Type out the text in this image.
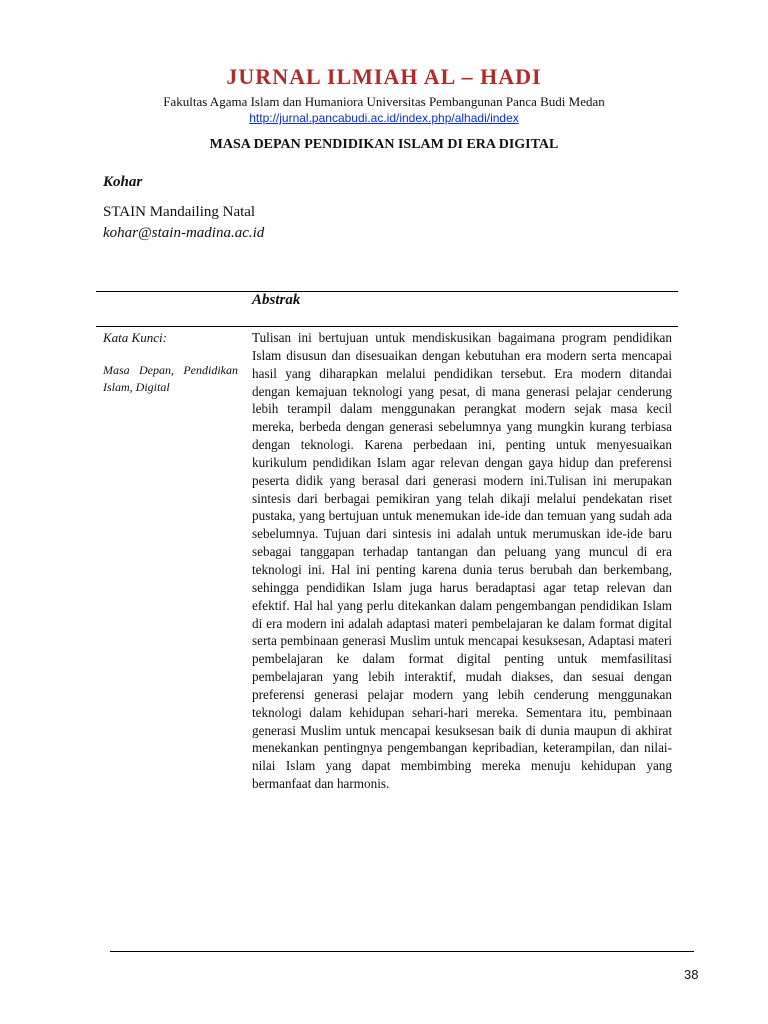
JURNAL ILMIAH AL – HADI
Fakultas Agama Islam dan Humaniora Universitas Pembangunan Panca Budi Medan
http://jurnal.pancabudi.ac.id/index.php/alhadi/index
MASA DEPAN PENDIDIKAN ISLAM DI ERA DIGITAL
Kohar
STAIN Mandailing Natal
kohar@stain-madina.ac.id
Abstrak
Kata Kunci:
Masa Depan, Pendidikan Islam, Digital
Tulisan ini bertujuan untuk mendiskusikan bagaimana program pendidikan Islam disusun dan disesuaikan dengan kebutuhan era modern serta mencapai hasil yang diharapkan melalui pendidikan tersebut. Era modern ditandai dengan kemajuan teknologi yang pesat, di mana generasi pelajar cenderung lebih terampil dalam menggunakan perangkat modern sejak masa kecil mereka, berbeda dengan generasi sebelumnya yang mungkin kurang terbiasa dengan teknologi. Karena perbedaan ini, penting untuk menyesuaikan kurikulum pendidikan Islam agar relevan dengan gaya hidup dan preferensi peserta didik yang berasal dari generasi modern ini.Tulisan ini merupakan sintesis dari berbagai pemikiran yang telah dikaji melalui pendekatan riset pustaka, yang bertujuan untuk menemukan ide-ide dan temuan yang sudah ada sebelumnya. Tujuan dari sintesis ini adalah untuk merumuskan ide-ide baru sebagai tanggapan terhadap tantangan dan peluang yang muncul di era teknologi ini. Hal ini penting karena dunia terus berubah dan berkembang, sehingga pendidikan Islam juga harus beradaptasi agar tetap relevan dan efektif. Hal hal yang perlu ditekankan dalam pengembangan pendidikan Islam di era modern ini adalah adaptasi materi pembelajaran ke dalam format digital serta pembinaan generasi Muslim untuk mencapai kesuksesan, Adaptasi materi pembelajaran ke dalam format digital penting untuk memfasilitasi pembelajaran yang lebih interaktif, mudah diakses, dan sesuai dengan preferensi generasi pelajar modern yang lebih cenderung menggunakan teknologi dalam kehidupan sehari-hari mereka. Sementara itu, pembinaan generasi Muslim untuk mencapai kesuksesan baik di dunia maupun di akhirat menekankan pentingnya pengembangan kepribadian, keterampilan, dan nilai-nilai Islam yang dapat membimbing mereka menuju kehidupan yang bermanfaat dan harmonis.
38
